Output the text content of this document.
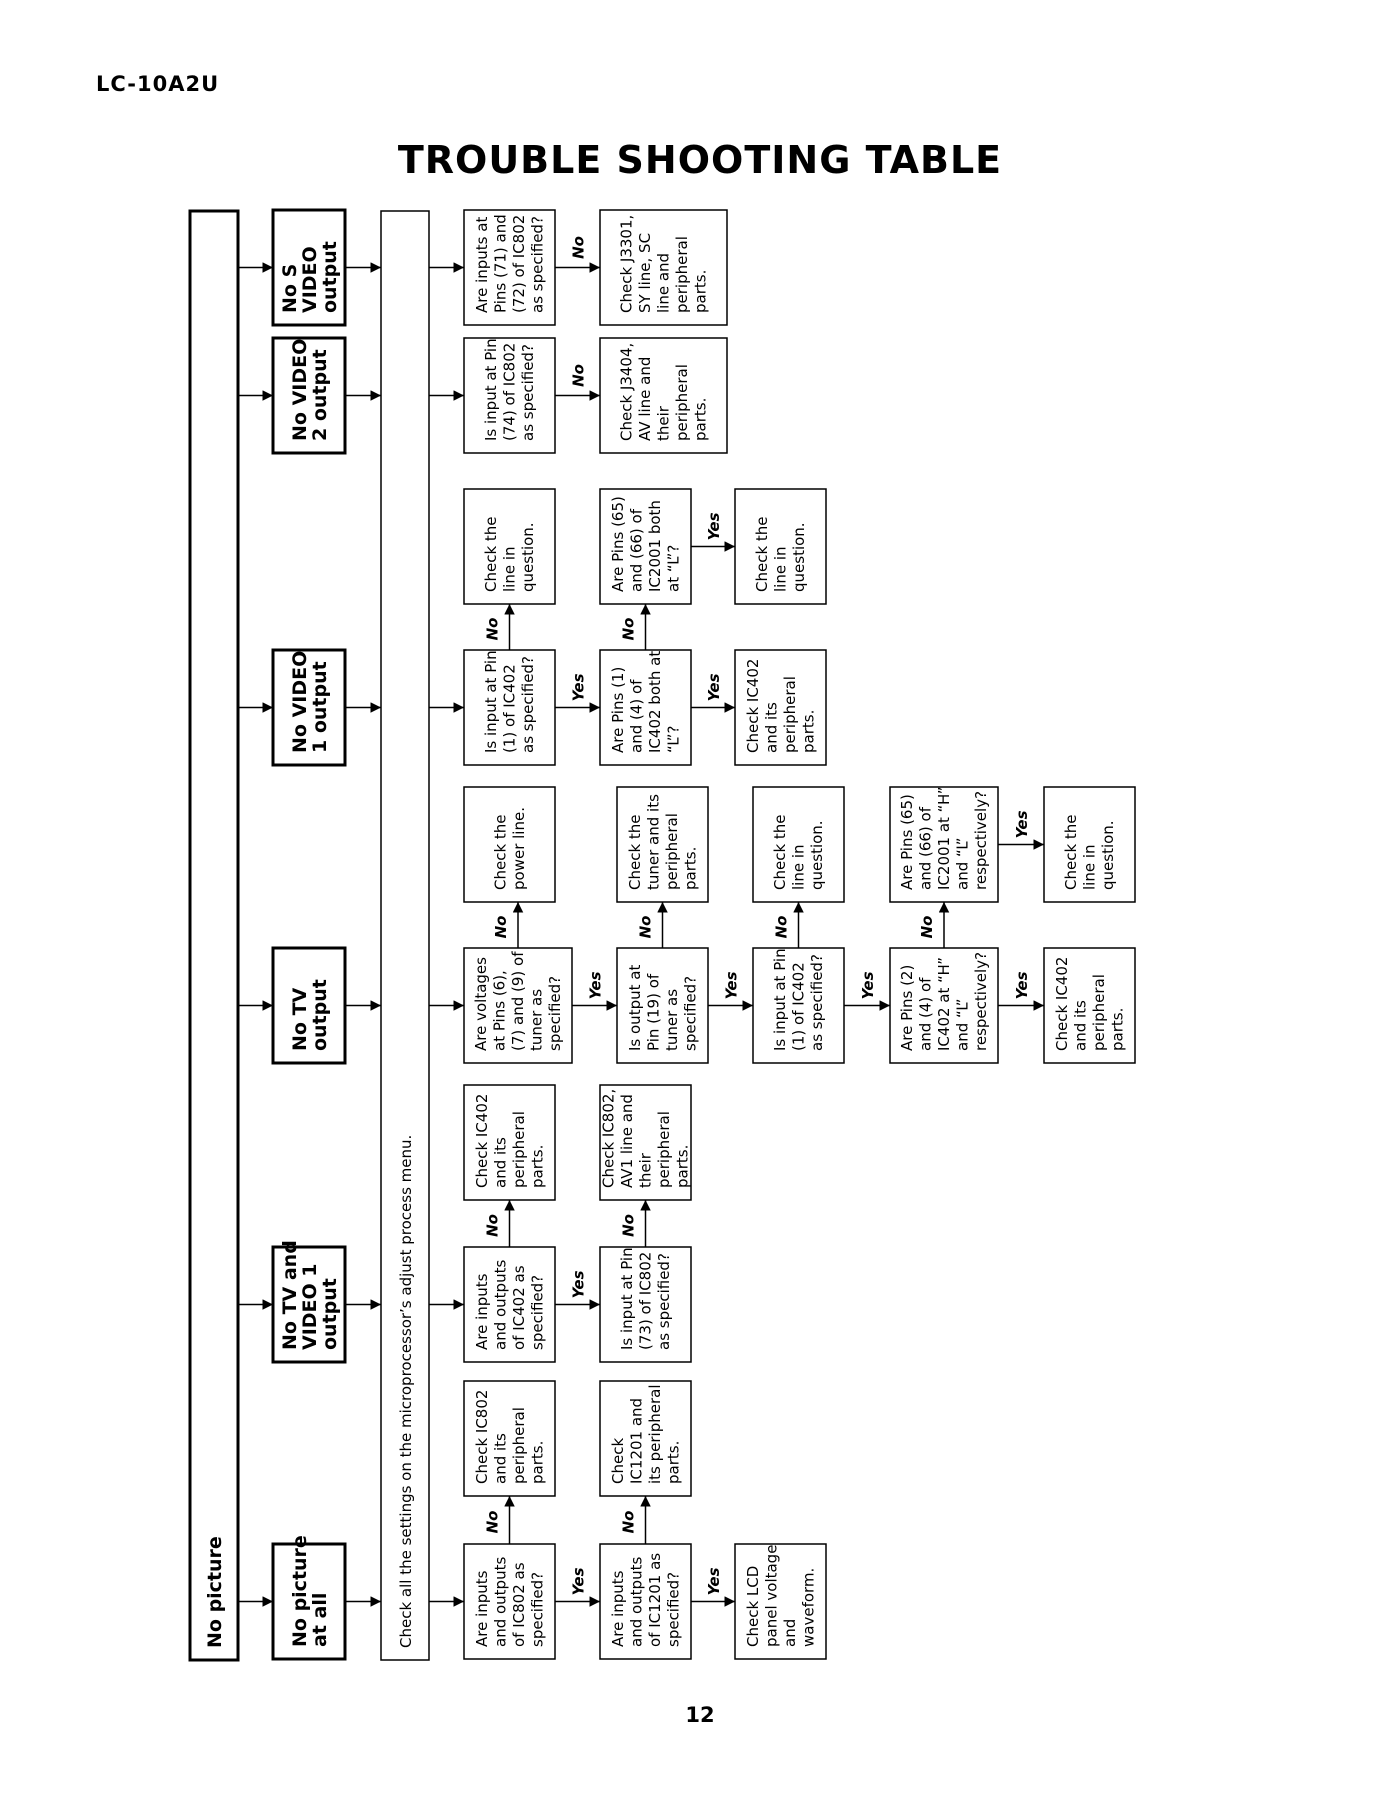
LC-10A2U
TROUBLE SHOOTING TABLE
Yes	Yes
No	No
Yes
No	No
Yes	Yes	Yes	Yes
No	No	No	No
Yes
Yes	Yes
Yes
No	No
No
No
No picture	Check all the settings on the microprocessor’s adjust process menu.
No pictureat all
No TV andVIDEO 1output
No TVoutput
No VIDEO1 output
No VIDEO2 output
No SVIDEOoutput
Are inputsand outputsof IC802 asspecified?
Check IC802and itsperipheralparts.
Are inputsand outputsof IC1201 asspecified?
CheckIC1201 andits peripheralparts.
Check LCDpanel voltageandwaveform.
Are inputsand outputsof IC402 asspecified?
Check IC402and itsperipheralparts.
Is input at Pin(73) of IC802as specified?
Check IC802,AV1 line andtheirperipheralparts.
Are voltagesat Pins (6),(7) and (9) oftuner asspecified?
Check thepower line.
Is output atPin (19) oftuner asspecified?
Check thetuner and itsperipheralparts.
Is input at Pin(1) of IC402as specified?
Check theline inquestion.
Are Pins (2)and (4) ofIC402 at “H”and “L”respectively?
Are Pins (65)and (66) ofIC2001 at “H”and “L”respectively?
Check IC402and itsperipheralparts.
Check theline inquestion.
Is input at Pin(1) of IC402as specified?
Check theline inquestion.
Are Pins (1)and (4) ofIC402 both at“L”?
Are Pins (65)and (66) ofIC2001 bothat “L”?
Check IC402and itsperipheralparts.
Check theline inquestion.
Is input at Pin(74) of IC802as specified?	Check J3404,AV line andtheirperipheralparts.
Are inputs atPins (71) and(72) of IC802as specified?	Check J3301,SY line, SCline andperipheralparts.
12
